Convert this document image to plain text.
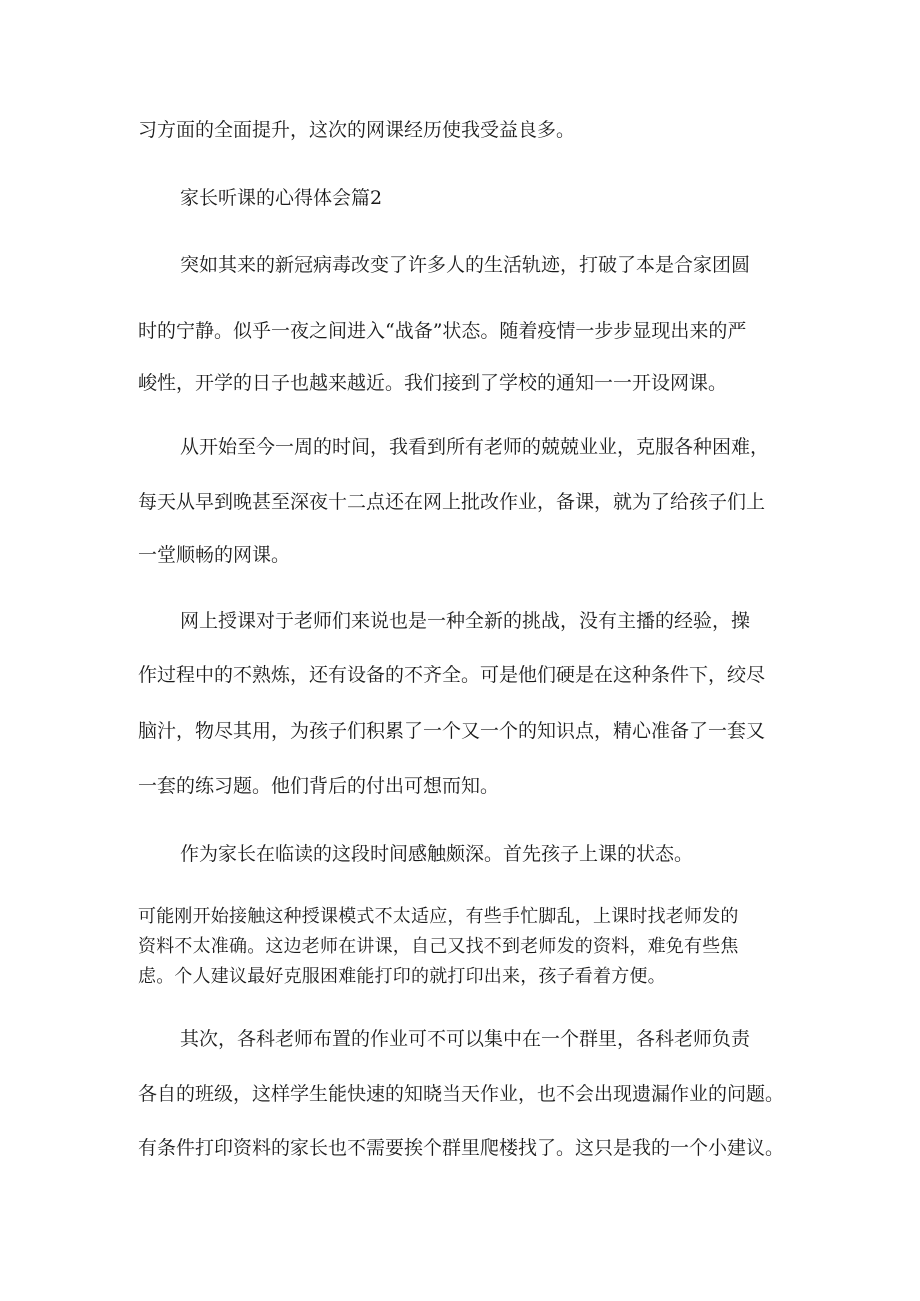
习方面的全面提升，这次的网课经历使我受益良多。

家长听课的心得体会篇2

突如其来的新冠病毒改变了许多人的生活轨迹，打破了本是合家团圆

时的宁静。似乎一夜之间进入“战备”状态。随着疫情一步步显现出来的严

峻性，开学的日子也越来越近。我们接到了学校的通知一一开设网课。

从开始至今一周的时间，我看到所有老师的兢兢业业，克服各种困难，

每天从早到晚甚至深夜十二点还在网上批改作业，备课，就为了给孩子们上

一堂顺畅的网课。

网上授课对于老师们来说也是一种全新的挑战，没有主播的经验，操

作过程中的不熟炼，还有设备的不齐全。可是他们硬是在这种条件下，绞尽

脑汁，物尽其用，为孩子们积累了一个又一个的知识点，精心准备了一套又

一套的练习题。他们背后的付出可想而知。

作为家长在临读的这段时间感触颇深。首先孩子上课的状态。

可能刚开始接触这种授课模式不太适应，有些手忙脚乱，上课时找老师发的

资料不太准确。这边老师在讲课，自己又找不到老师发的资料，难免有些焦

虑。个人建议最好克服困难能打印的就打印出来，孩子看着方便。

其次，各科老师布置的作业可不可以集中在一个群里，各科老师负责

各自的班级，这样学生能快速的知晓当天作业，也不会出现遗漏作业的问题。

有条件打印资料的家长也不需要挨个群里爬楼找了。这只是我的一个小建议。
